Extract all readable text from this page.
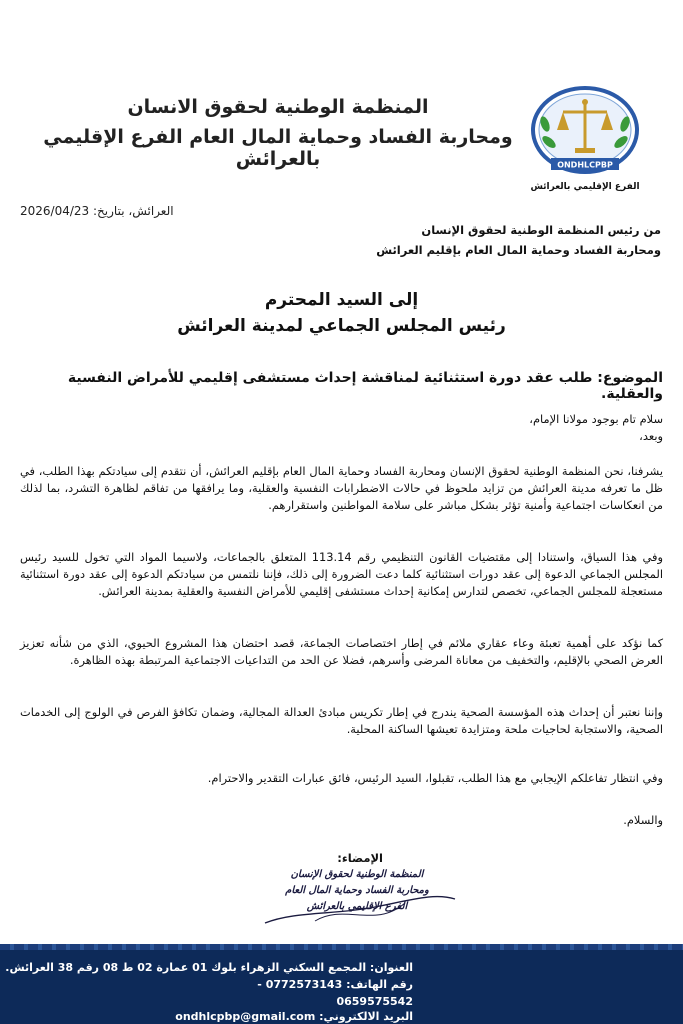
المنظمة الوطنية لحقوق الانسان
ومحاربة الفساد وحماية المال العام الفرع الإقليمي بالعرائش	ONDHLCPBP
الفرع الإقليمي بالعرائش
العرائش، بتاريخ: 2026/04/23
من رئيس المنظمة الوطنية لحقوق الإنسان
ومحاربة الفساد وحماية المال العام بإقليم العرائش
إلى السيد المحترم
رئيس المجلس الجماعي لمدينة العرائش
الموضوع: طلب عقد دورة استثنائية لمناقشة إحداث مستشفى إقليمي للأمراض النفسية والعقلية.
سلام تام بوجود مولانا الإمام،
وبعد،
يشرفنا، نحن المنظمة الوطنية لحقوق الإنسان ومحاربة الفساد وحماية المال العام بإقليم العرائش، أن نتقدم إلى سيادتكم بهذا الطلب، في ظل ما تعرفه مدينة العرائش من تزايد ملحوظ في حالات الاضطرابات النفسية والعقلية، وما يرافقها من تفاقم لظاهرة التشرد، بما لذلك من انعكاسات اجتماعية وأمنية تؤثر بشكل مباشر على سلامة المواطنين واستقرارهم.
وفي هذا السياق، واستنادا إلى مقتضيات القانون التنظيمي رقم 113.14 المتعلق بالجماعات، ولاسيما المواد التي تخول للسيد رئيس المجلس الجماعي الدعوة إلى عقد دورات استثنائية كلما دعت الضرورة إلى ذلك، فإننا نلتمس من سيادتكم الدعوة إلى عقد دورة استثنائية مستعجلة للمجلس الجماعي، تخصص لتدارس إمكانية إحداث مستشفى إقليمي للأمراض النفسية والعقلية بمدينة العرائش.
كما نؤكد على أهمية تعبئة وعاء عقاري ملائم في إطار اختصاصات الجماعة، قصد احتضان هذا المشروع الحيوي، الذي من شأنه تعزيز العرض الصحي بالإقليم، والتخفيف من معاناة المرضى وأسرهم، فضلا عن الحد من التداعيات الاجتماعية المرتبطة بهذه الظاهرة.
وإننا نعتبر أن إحداث هذه المؤسسة الصحية يندرج في إطار تكريس مبادئ العدالة المجالية، وضمان تكافؤ الفرص في الولوج إلى الخدمات الصحية، والاستجابة لحاجيات ملحة ومتزايدة تعيشها الساكنة المحلية.
وفي انتظار تفاعلكم الإيجابي مع هذا الطلب، تقبلوا، السيد الرئيس، فائق عبارات التقدير والاحترام.
والسلام.
الإمضاء:
المنظمة الوطنية لحقوق الإنسان
ومحاربة الفساد وحماية المال العام
الفرع الإقليمي بالعرائش
العنوان: المجمع السكني الزهراء بلوك 01 عمارة 02 ط 08 رقم 38 العرائش.
رقم الهاتف: 0772573143 -
0659575542
البريد الالكتروني: ondhlcpbp@gmail.com
